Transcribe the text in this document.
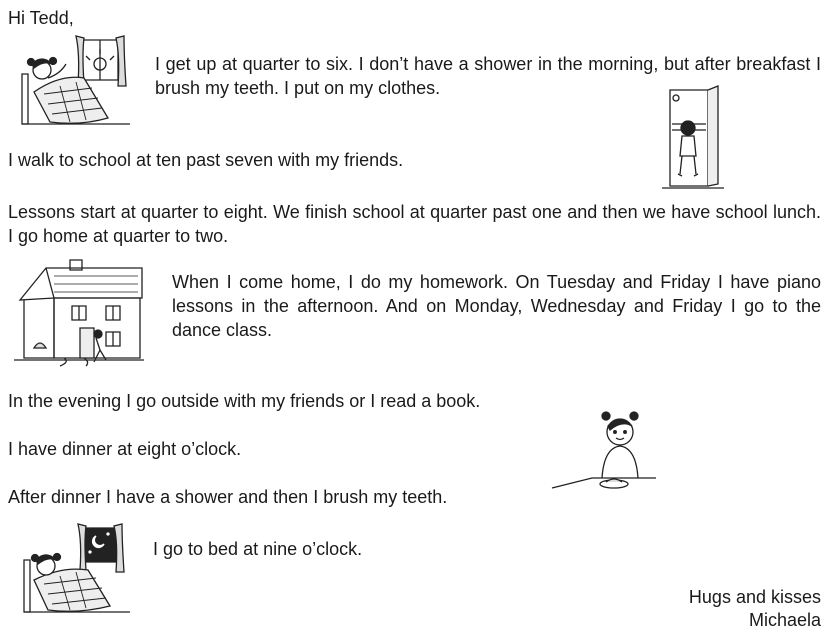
Hi Tedd,

I get up at quarter to six. I don’t have a shower in the morning, but after breakfast I brush my teeth. I put on my clothes.

I walk to school at ten past seven with my friends.

Lessons start at quarter to eight. We finish school at quarter past one and then we have school lunch. I go home at quarter to two.

When I come home, I do my homework. On Tuesday and Friday I have piano lessons in the afternoon. And on Monday, Wednesday and Friday I go to the dance class.

In the evening I go outside with my friends or I read a book.

I have dinner at eight o’clock.

After dinner I have a shower and then I brush my teeth.

I go to bed at nine o’clock.

Hugs and kisses

Michaela
